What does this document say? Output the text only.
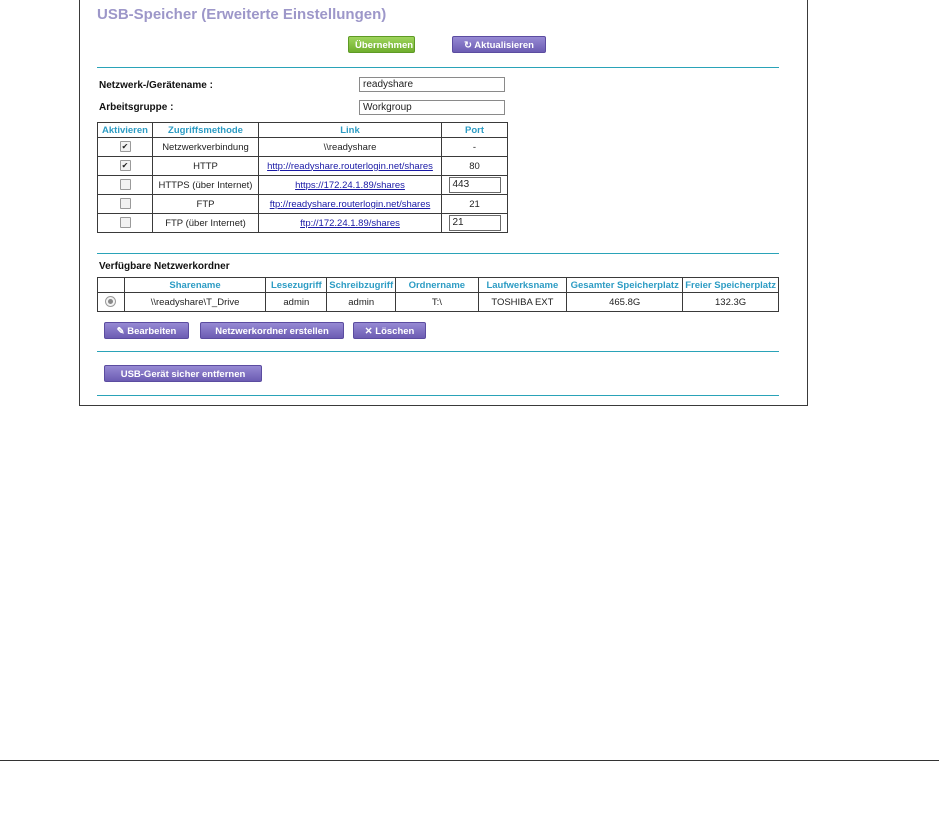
USB-Speicher (Erweiterte Einstellungen)
Übernehmen ▸	↻ Aktualisieren
Netzwerk-/Gerätename :	readyshare
Arbeitsgruppe :	Workgroup
Aktivieren	Zugriffsmethode	Link	Port
✔	Netzwerkverbindung	\\readyshare	-
✔	HTTP	http://readyshare.routerlogin.net/shares	80
	HTTPS (über Internet)	https://172.24.1.89/shares	443
	FTP	ftp://readyshare.routerlogin.net/shares	21
	FTP (über Internet)	ftp://172.24.1.89/shares	21
Verfügbare Netzwerkordner
	Sharename	Lesezugriff	Schreibzugriff	Ordnername	Laufwerksname	Gesamter Speicherplatz	Freier Speicherplatz
	\\readyshare\T_Drive	admin	admin	T:\	TOSHIBA EXT	465.8G	132.3G
✎ Bearbeiten	Netzwerkordner erstellen	✕ Löschen
USB-Gerät sicher entfernen
